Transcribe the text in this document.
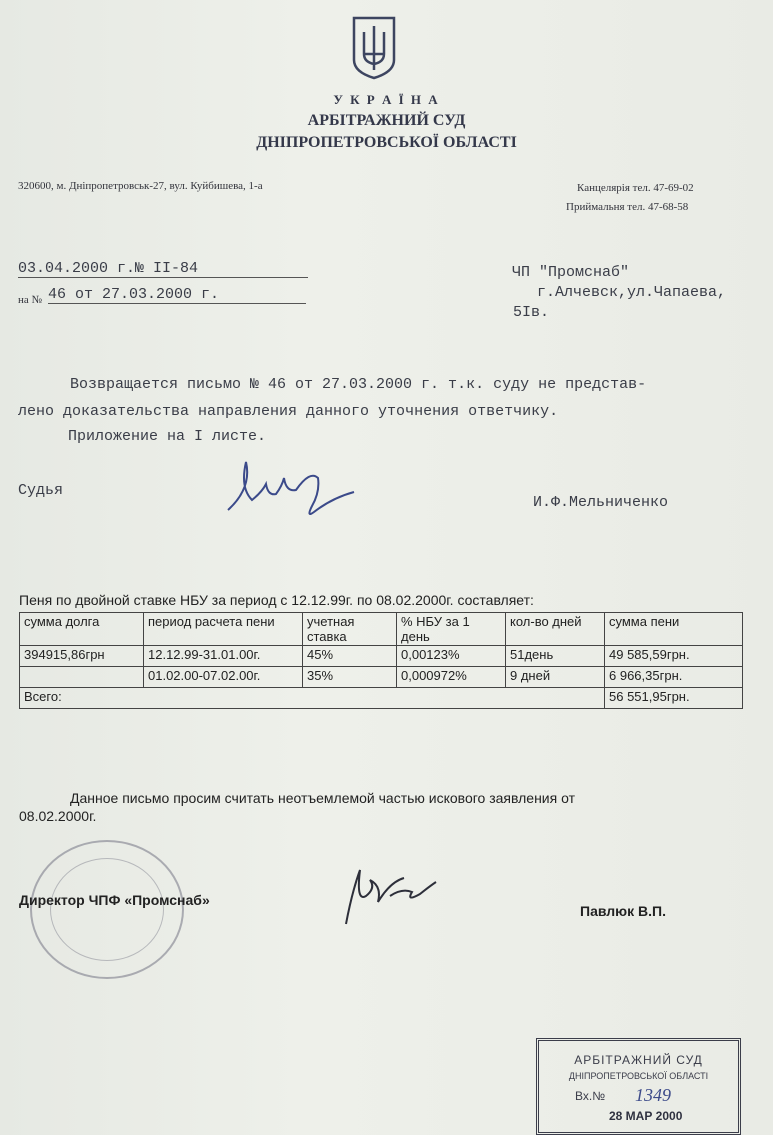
У К Р А Ї Н А
АРБІТРАЖНИЙ СУД
ДНІПРОПЕТРОВСЬКОЇ ОБЛАСТІ
320600, м. Дніпропетровськ-27, вул. Куйбишева, 1-а	Канцелярія тел. 47-69-02
Приймальня тел. 47-68-58
03.04.2000 г.№ II-84
на № 46 от 27.03.2000 г.
ЧП "Промснаб"
г.Алчевск,ул.Чапаева,
5Iв.
Возвращается письмо № 46 от 27.03.2000 г. т.к. суду не представ-
лено доказательства направления данного уточнения ответчику.
Приложение на I листе.
Судья
И.Ф.Мельниченко
Пеня по двойной ставке НБУ за период с 12.12.99г. по 08.02.2000г. составляет:
сумма долга	период расчета пени	учетная ставка	% НБУ за 1 день	кол-во дней	сумма пени
394915,86грн	12.12.99-31.01.00г.	45%	0,00123%	51день	49 585,59грн.
	01.02.00-07.02.00г.	35%	0,000972%	9 дней	6 966,35грн.
Всего:					56 551,95грн.
Данное письмо просим считать неотъемлемой частью искового заявления от
08.02.2000г.
Директор ЧПФ «Промснаб»
Павлюк В.П.
АРБІТРАЖНИЙ СУД
ДНІПРОПЕТРОВСЬКОЇ ОБЛАСТІ
Вх.№ 1349
28 МАР 2000
